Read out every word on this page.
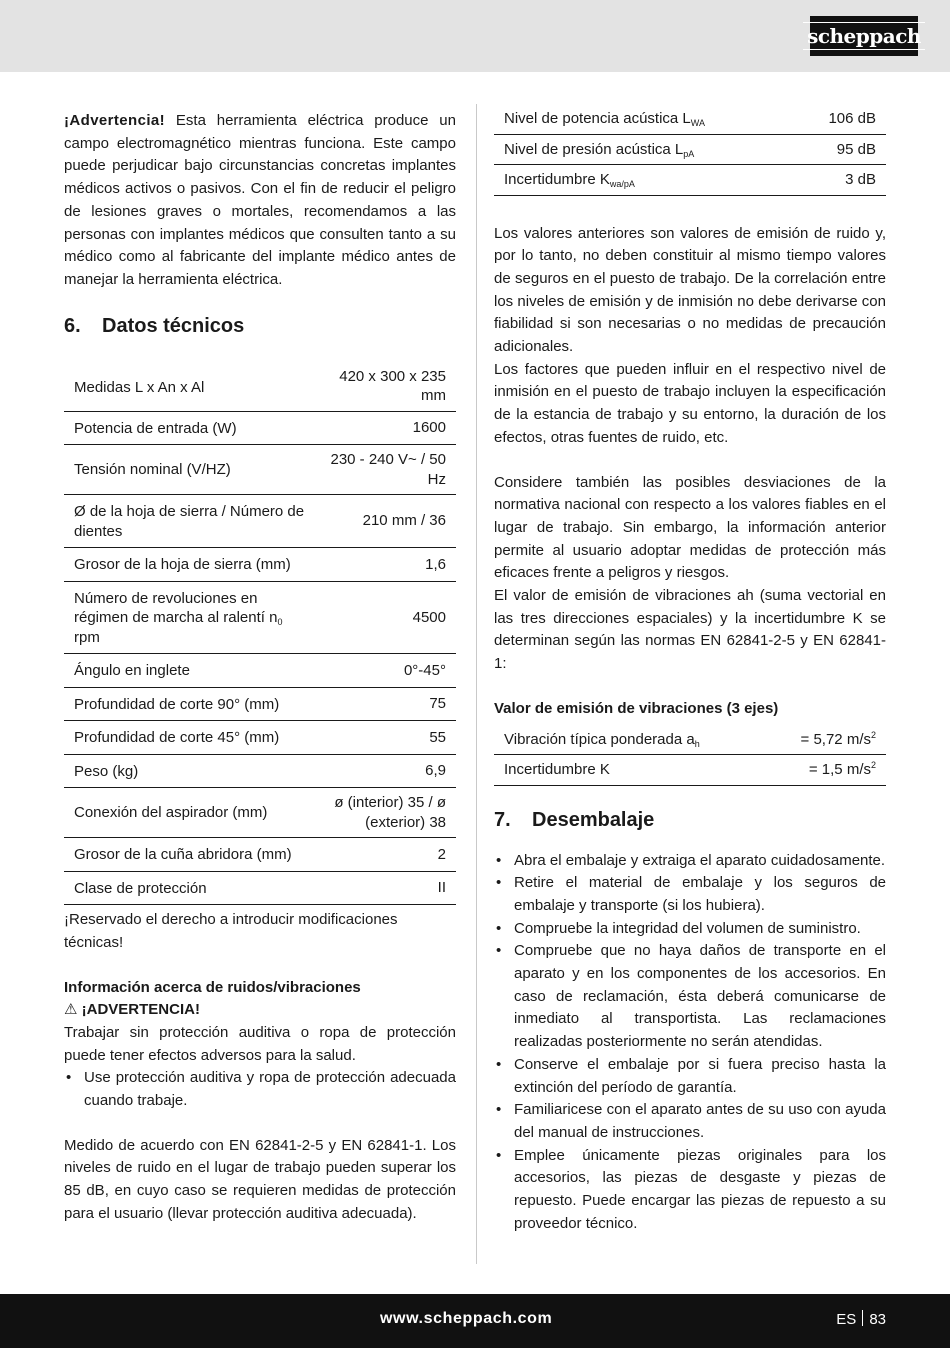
scheppach

¡Advertencia! Esta herramienta eléctrica produce un campo electromagnético mientras funciona. Este campo puede perjudicar bajo circunstancias concretas implantes médicos activos o pasivos. Con el fin de reducir el peligro de lesiones graves o mortales, recomendamos a las personas con implantes médicos que consulten tanto a su médico como al fabricante del implante médico antes de manejar la herramienta eléctrica.

6.	Datos técnicos
Medidas L x An x Al	420 x 300 x 235 mm
Potencia de entrada (W)	1600
Tensión nominal (V/HZ)	230 - 240 V~ / 50 Hz
Ø de la hoja de sierra / Número de dientes	210 mm / 36
Grosor de la hoja de sierra (mm)	1,6
Número de revoluciones en régimen de marcha al ralentí $n_0$ rpm	4500
Ángulo en inglete	0°-45°
Profundidad de corte 90° (mm)	75
Profundidad de corte 45° (mm)	55
Peso (kg)	6,9
Conexión del aspirador (mm)	ø (interior) 35 / ø (exterior) 38
Grosor de la cuña abridora (mm)	2
Clase de protección	II

¡Reservado el derecho a introducir modificaciones técnicas!

Información acerca de ruidos/vibraciones
⚠ ¡ADVERTENCIA!

Trabajar sin protección auditiva o ropa de protección puede tener efectos adversos para la salud.

• Use protección auditiva y ropa de protección adecuada cuando trabaje.

Medido de acuerdo con EN 62841-2-5 y EN 62841-1. Los niveles de ruido en el lugar de trabajo pueden superar los 85 dB, en cuyo caso se requieren medidas de protección para el usuario (llevar protección auditiva adecuada).

Nivel de potencia acústica $L_{WA}$	106 dB
Nivel de presión acústica $L_{pA}$	95 dB
Incertidumbre $K_{wa/pA}$	3 dB

Los valores anteriores son valores de emisión de ruido y, por lo tanto, no deben constituir al mismo tiempo valores de seguros en el puesto de trabajo. De la correlación entre los niveles de emisión y de inmisión no debe derivarse con fiabilidad si son necesarias o no medidas de precaución adicionales.

Los factores que pueden influir en el respectivo nivel de inmisión en el puesto de trabajo incluyen la especificación de la estancia de trabajo y su entorno, la duración de los efectos, otras fuentes de ruido, etc.

Considere también las posibles desviaciones de la normativa nacional con respecto a los valores fiables en el lugar de trabajo. Sin embargo, la información anterior permite al usuario adoptar medidas de protección más eficaces frente a peligros y riesgos.

El valor de emisión de vibraciones ah (suma vectorial en las tres direcciones espaciales) y la incertidumbre K se determinan según las normas EN 62841-2-5 y EN 62841-1:

Valor de emisión de vibraciones (3 ejes)
Vibración típica ponderada $a_h$	= 5,72 $m/s^2$
Incertidumbre K	= 1,5 $m/s^2$
7.	Desembalaje
• Abra el embalaje y extraiga el aparato cuidadosamente.
• Retire el material de embalaje y los seguros de embalaje y transporte (si los hubiera).
• Compruebe la integridad del volumen de suministro.
• Compruebe que no haya daños de transporte en el aparato y en los componentes de los accesorios. En caso de reclamación, ésta deberá comunicarse de inmediato al transportista. Las reclamaciones realizadas posteriormente no serán atendidas.
• Conserve el embalaje por si fuera preciso hasta la extinción del período de garantía.
• Familiaricese con el aparato antes de su uso con ayuda del manual de instrucciones.
• Emplee únicamente piezas originales para los accesorios, las piezas de desgaste y piezas de repuesto. Puede encargar las piezas de repuesto a su proveedor técnico.
www.scheppach.com	ES 83
